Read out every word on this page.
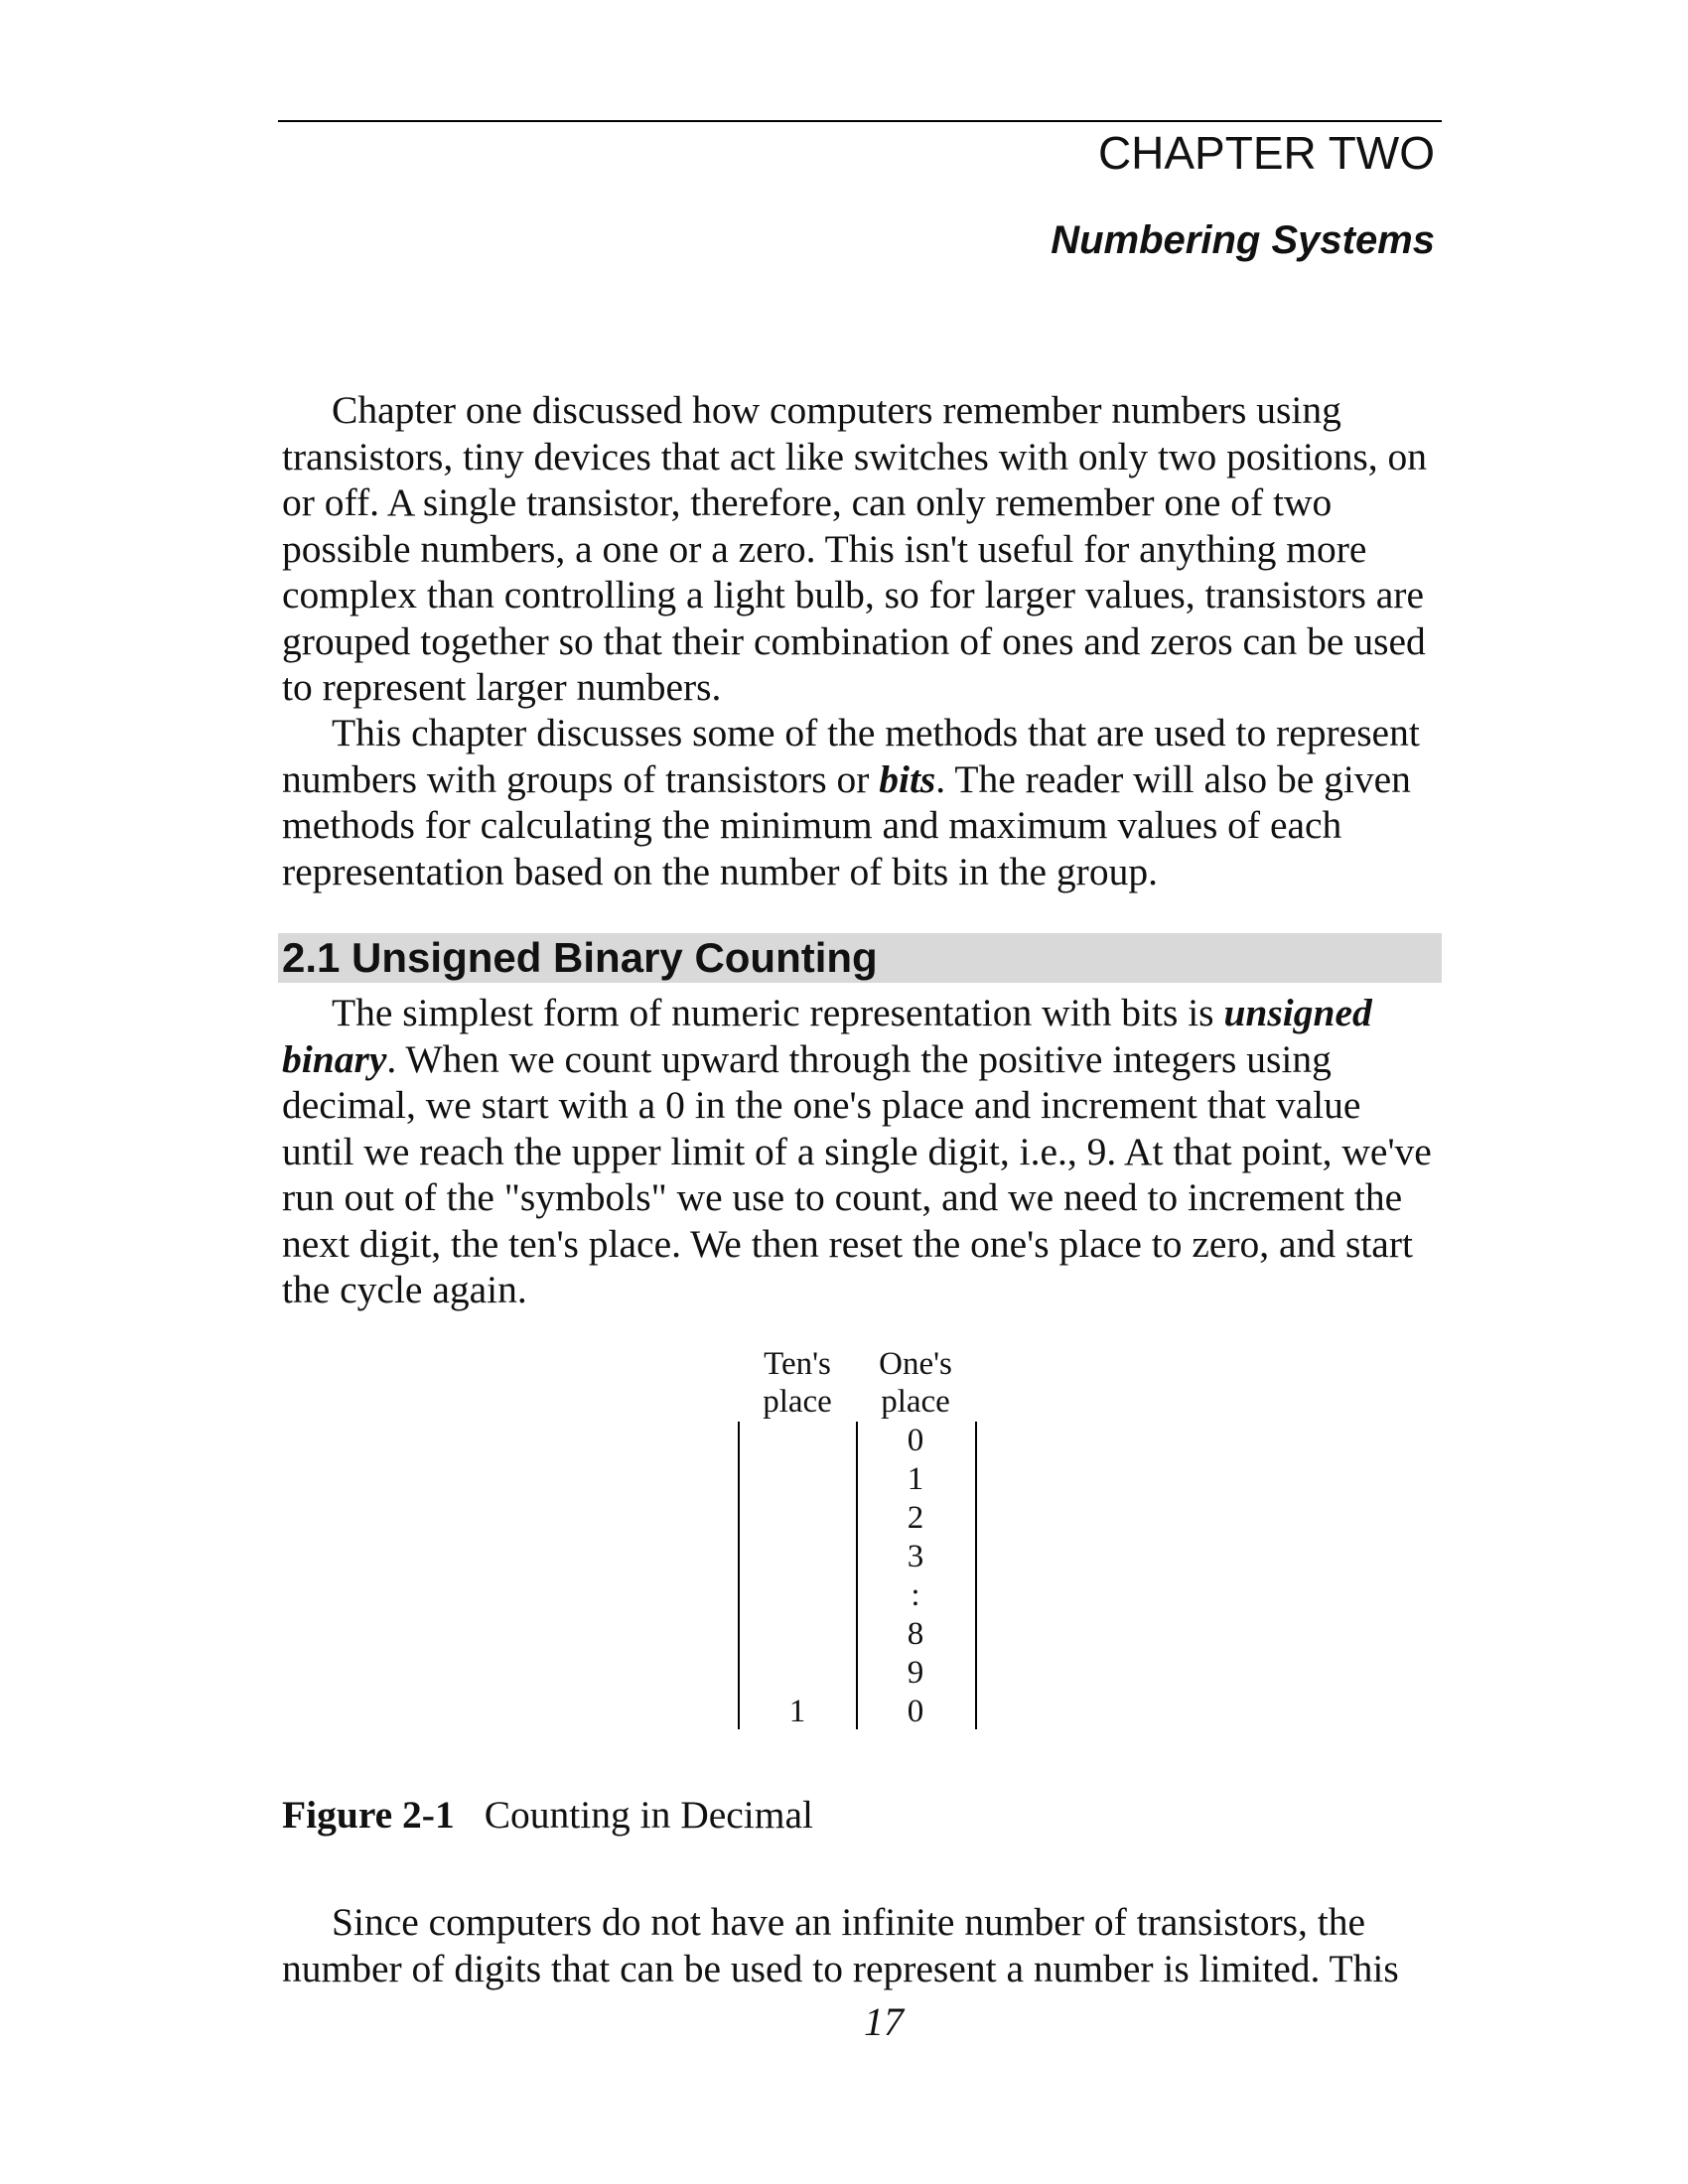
CHAPTER TWO
Numbering Systems

Chapter one discussed how computers remember numbers using transistors, tiny devices that act like switches with only two positions, on or off. A single transistor, therefore, can only remember one of two possible numbers, a one or a zero. This isn't useful for anything more complex than controlling a light bulb, so for larger values, transistors are grouped together so that their combination of ones and zeros can be used to represent larger numbers.

This chapter discusses some of the methods that are used to represent numbers with groups of transistors or bits. The reader will also be given methods for calculating the minimum and maximum values of each representation based on the number of bits in the group.

2.1 Unsigned Binary Counting

The simplest form of numeric representation with bits is unsigned binary. When we count upward through the positive integers using decimal, we start with a 0 in the one's place and increment that value until we reach the upper limit of a single digit, i.e., 9. At that point, we've run out of the "symbols" we use to count, and we need to increment the next digit, the ten's place. We then reset the one's place to zero, and start the cycle again.

Ten's
place

One's
place

1
0
1
2
3
:
8
9
0

Figure 2-1 Counting in Decimal

Since computers do not have an infinite number of transistors, the number of digits that can be used to represent a number is limited. This

17
